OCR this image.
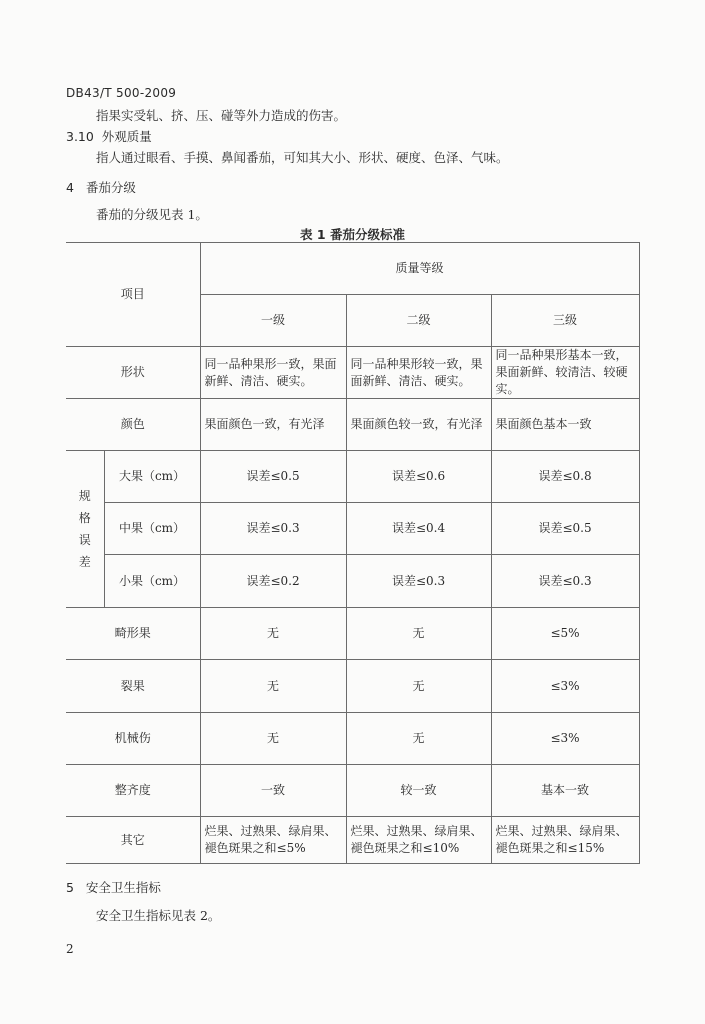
DB43/T 500-2009
指果实受轧、挤、压、碰等外力造成的伤害。
3.10 外观质量
指人通过眼看、手摸、鼻闻番茄，可知其大小、形状、硬度、色泽、气味。
4 番茄分级
番茄的分级见表 1。
表 1 番茄分级标准
项目		质量等级		
		一级	二级	三级
形状		同一品种果形一致，果面新鲜、清洁、硬实。	同一品种果形较一致，果面新鲜、清洁、硬实。	同一品种果形基本一致，果面新鲜、较清洁、较硬实。
颜色		果面颜色一致，有光泽	果面颜色较一致，有光泽	果面颜色基本一致

规
格
误
差	大果（cm）	误差≤0.5	误差≤0.6	误差≤0.8
	中果（cm）	误差≤0.3	误差≤0.4	误差≤0.5
	小果（cm）	误差≤0.2	误差≤0.3	误差≤0.3
畸形果		无	无	≤5%
裂果		无	无	≤3%
机械伤		无	无	≤3%
整齐度		一致	较一致	基本一致
其它		烂果、过熟果、绿肩果、褪色斑果之和≤5%	烂果、过熟果、绿肩果、褪色斑果之和≤10%	烂果、过熟果、绿肩果、褪色斑果之和≤15%
5 安全卫生指标
安全卫生指标见表 2。
2
